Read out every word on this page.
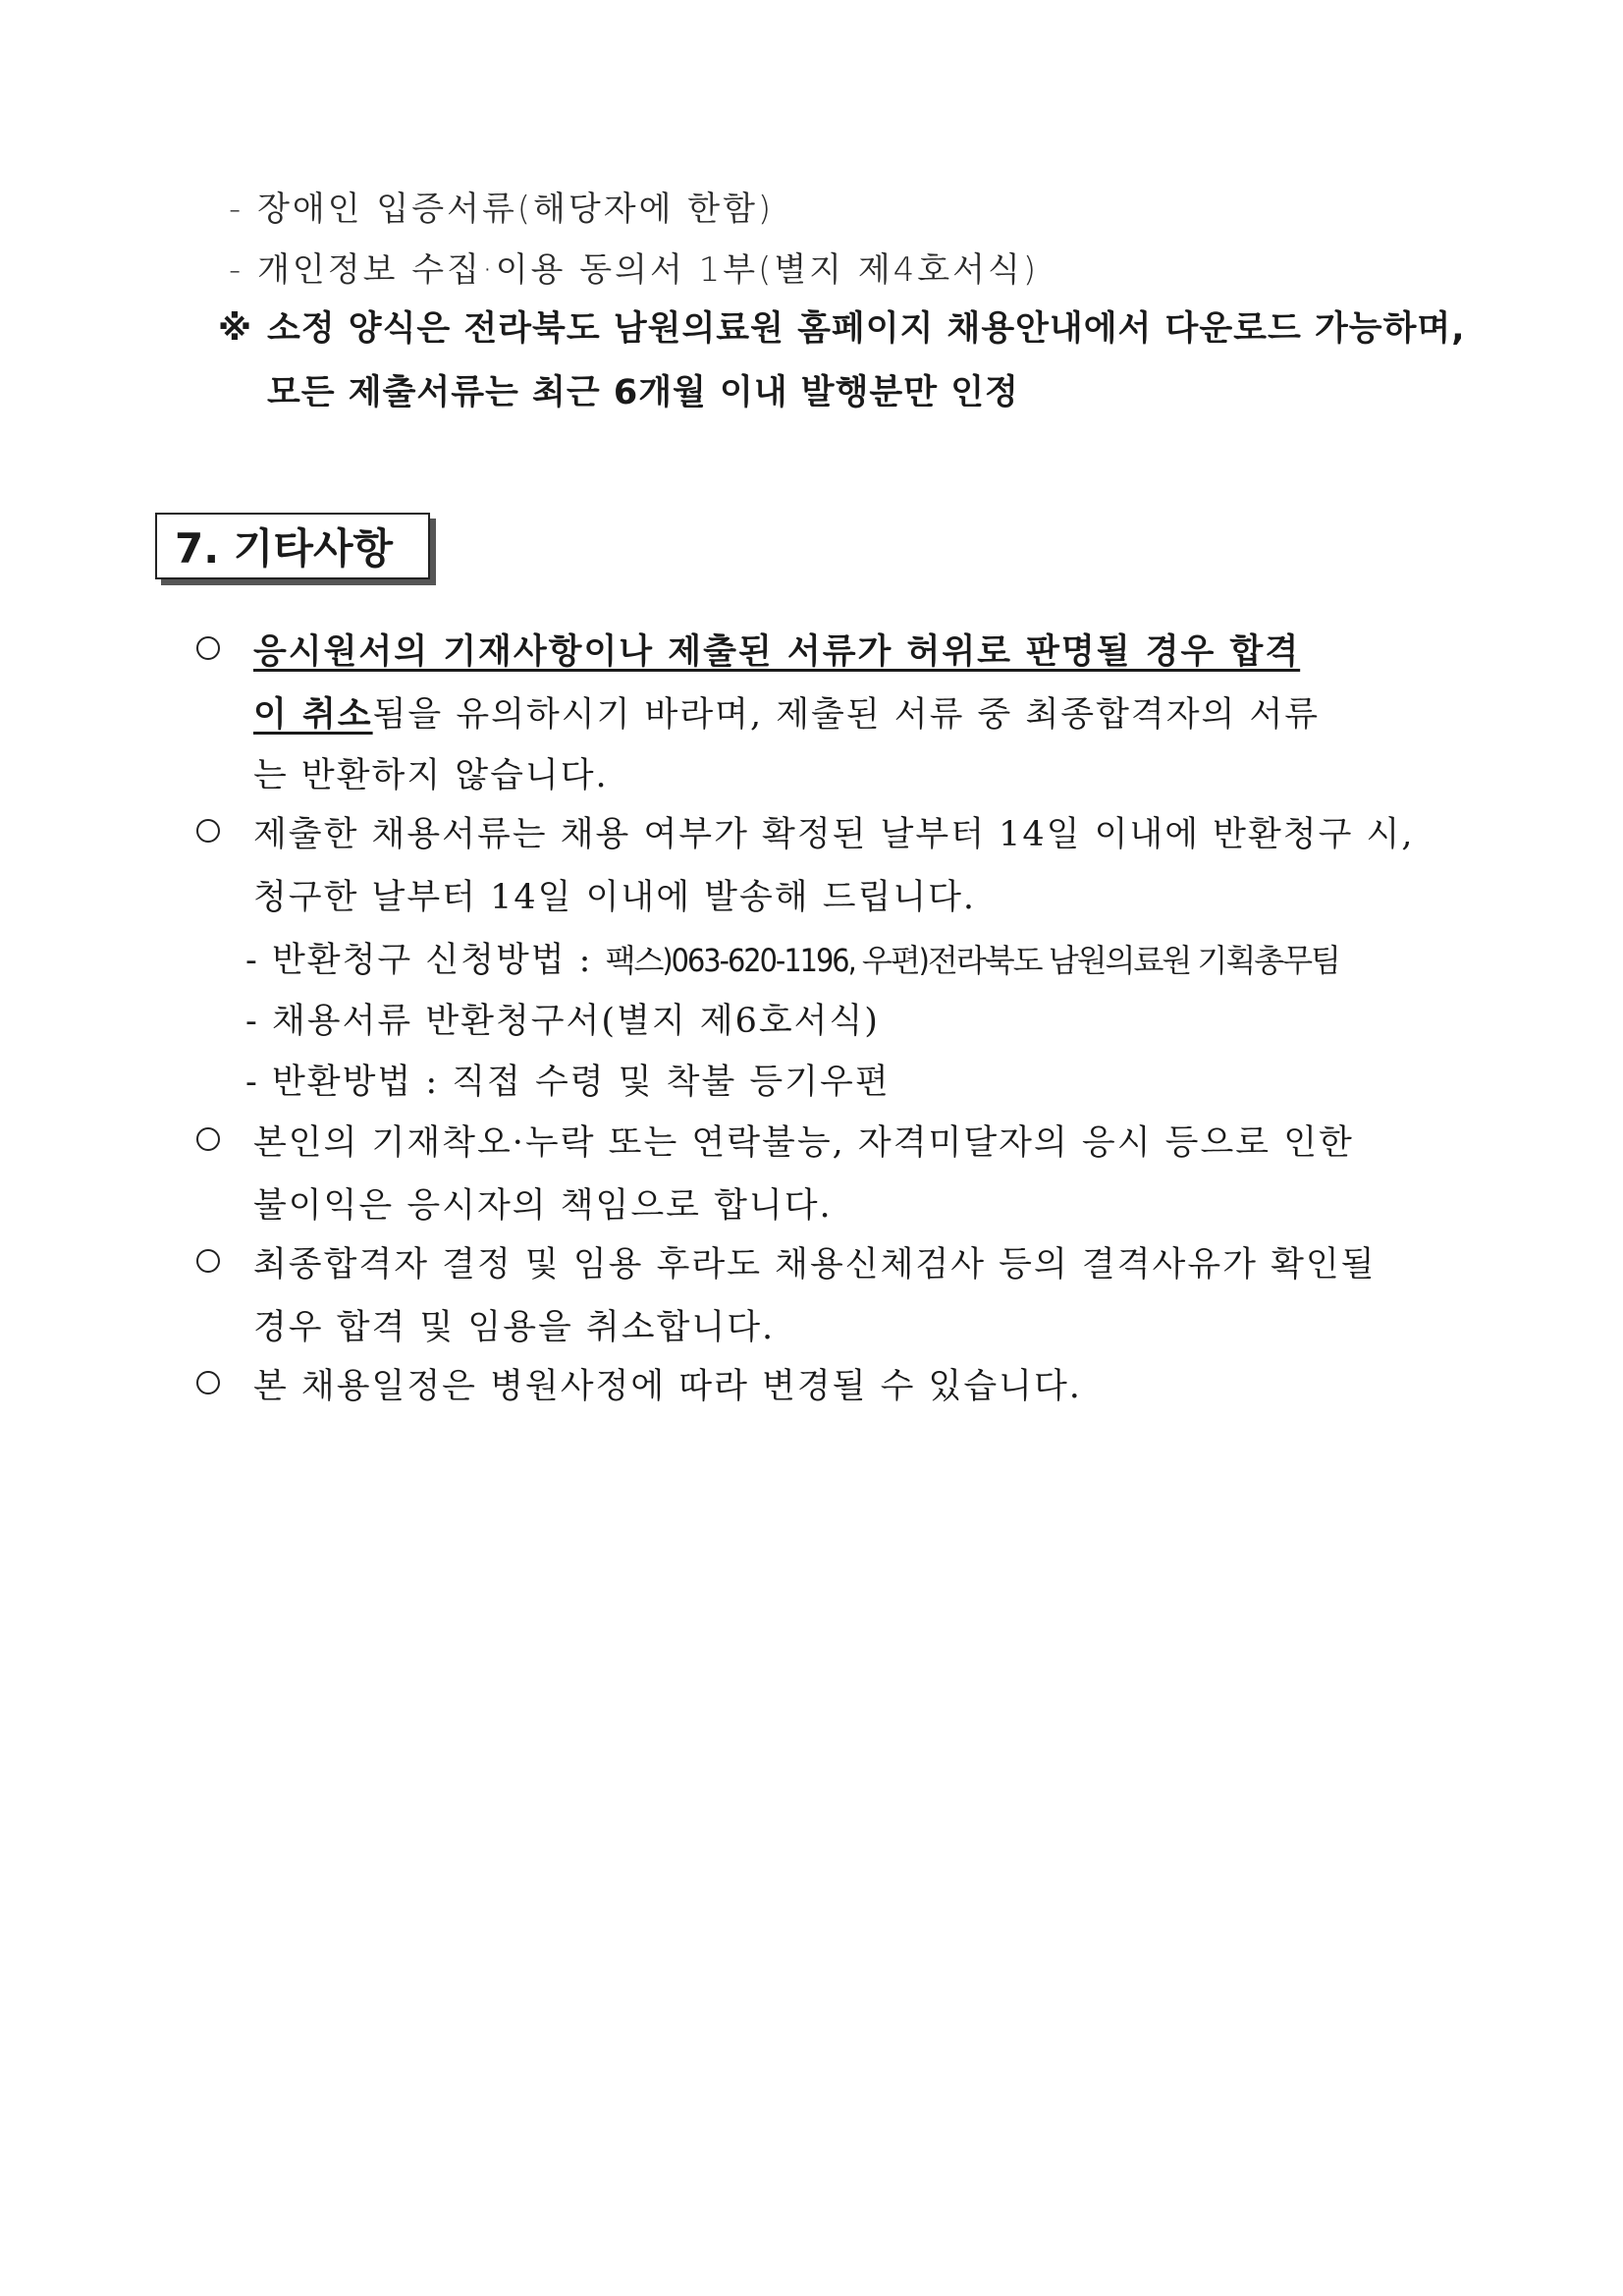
- 장애인 입증서류(해당자에 한함)
- 개인정보 수집·이용 동의서 1부(별지 제4호서식)
※ 소정 양식은 전라북도 남원의료원 홈페이지 채용안내에서 다운로드 가능하며,
모든 제출서류는 최근 6개월 이내 발행분만 인정
7. 기타사항
응시원서의 기재사항이나 제출된 서류가 허위로 판명될 경우 합격
이 취소됨을 유의하시기 바라며, 제출된 서류 중 최종합격자의 서류
는 반환하지 않습니다.
제출한 채용서류는 채용 여부가 확정된 날부터 14일 이내에 반환청구 시,
청구한 날부터 14일 이내에 발송해 드립니다.
- 반환청구 신청방법 : 팩스)063-620-1196, 우편)전라북도 남원의료원 기획총무팀
- 채용서류 반환청구서(별지 제6호서식)
- 반환방법 : 직접 수령 및 착불 등기우편
본인의 기재착오·누락 또는 연락불능, 자격미달자의 응시 등으로 인한
불이익은 응시자의 책임으로 합니다.
최종합격자 결정 및 임용 후라도 채용신체검사 등의 결격사유가 확인될
경우 합격 및 임용을 취소합니다.
본 채용일정은 병원사정에 따라 변경될 수 있습니다.
